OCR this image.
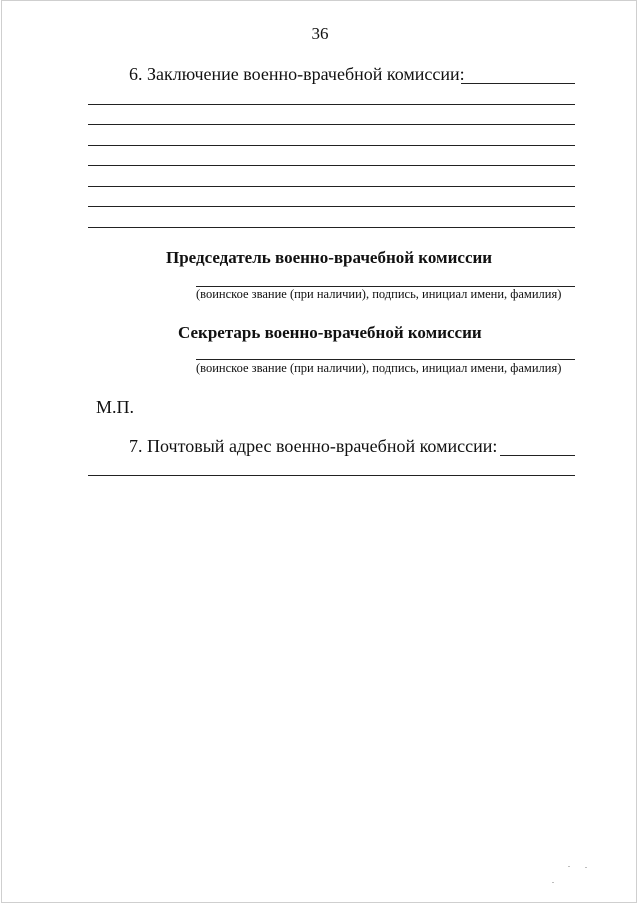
36
6. Заключение военно-врачебной комиссии:
Председатель военно-врачебной комиссии
(воинское звание (при наличии), подпись, инициал имени, фамилия)
Секретарь военно-врачебной комиссии
(воинское звание (при наличии), подпись, инициал имени, фамилия)
М.П.
7. Почтовый адрес военно-врачебной комиссии:
